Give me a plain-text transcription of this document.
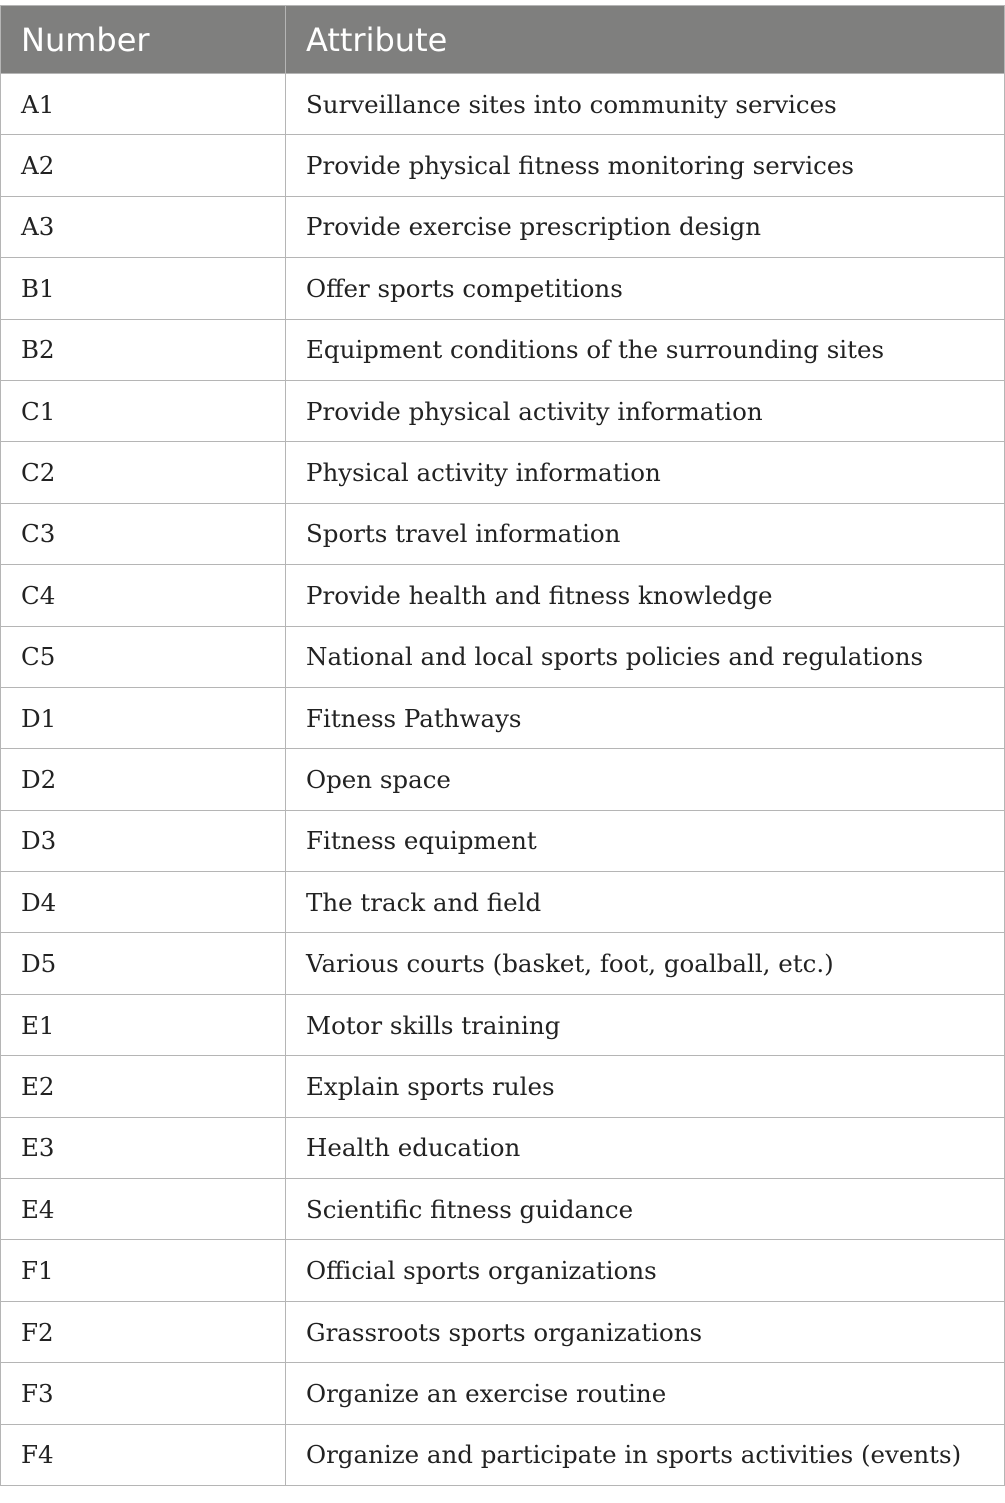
Number	Attribute
A1	Surveillance sites into community services
A2	Provide physical fitness monitoring services
A3	Provide exercise prescription design
B1	Offer sports competitions
B2	Equipment conditions of the surrounding sites
C1	Provide physical activity information
C2	Physical activity information
C3	Sports travel information
C4	Provide health and fitness knowledge
C5	National and local sports policies and regulations
D1	Fitness Pathways
D2	Open space
D3	Fitness equipment
D4	The track and field
D5	Various courts (basket, foot, goalball, etc.)
E1	Motor skills training
E2	Explain sports rules
E3	Health education
E4	Scientific fitness guidance
F1	Official sports organizations
F2	Grassroots sports organizations
F3	Organize an exercise routine
F4	Organize and participate in sports activities (events)
